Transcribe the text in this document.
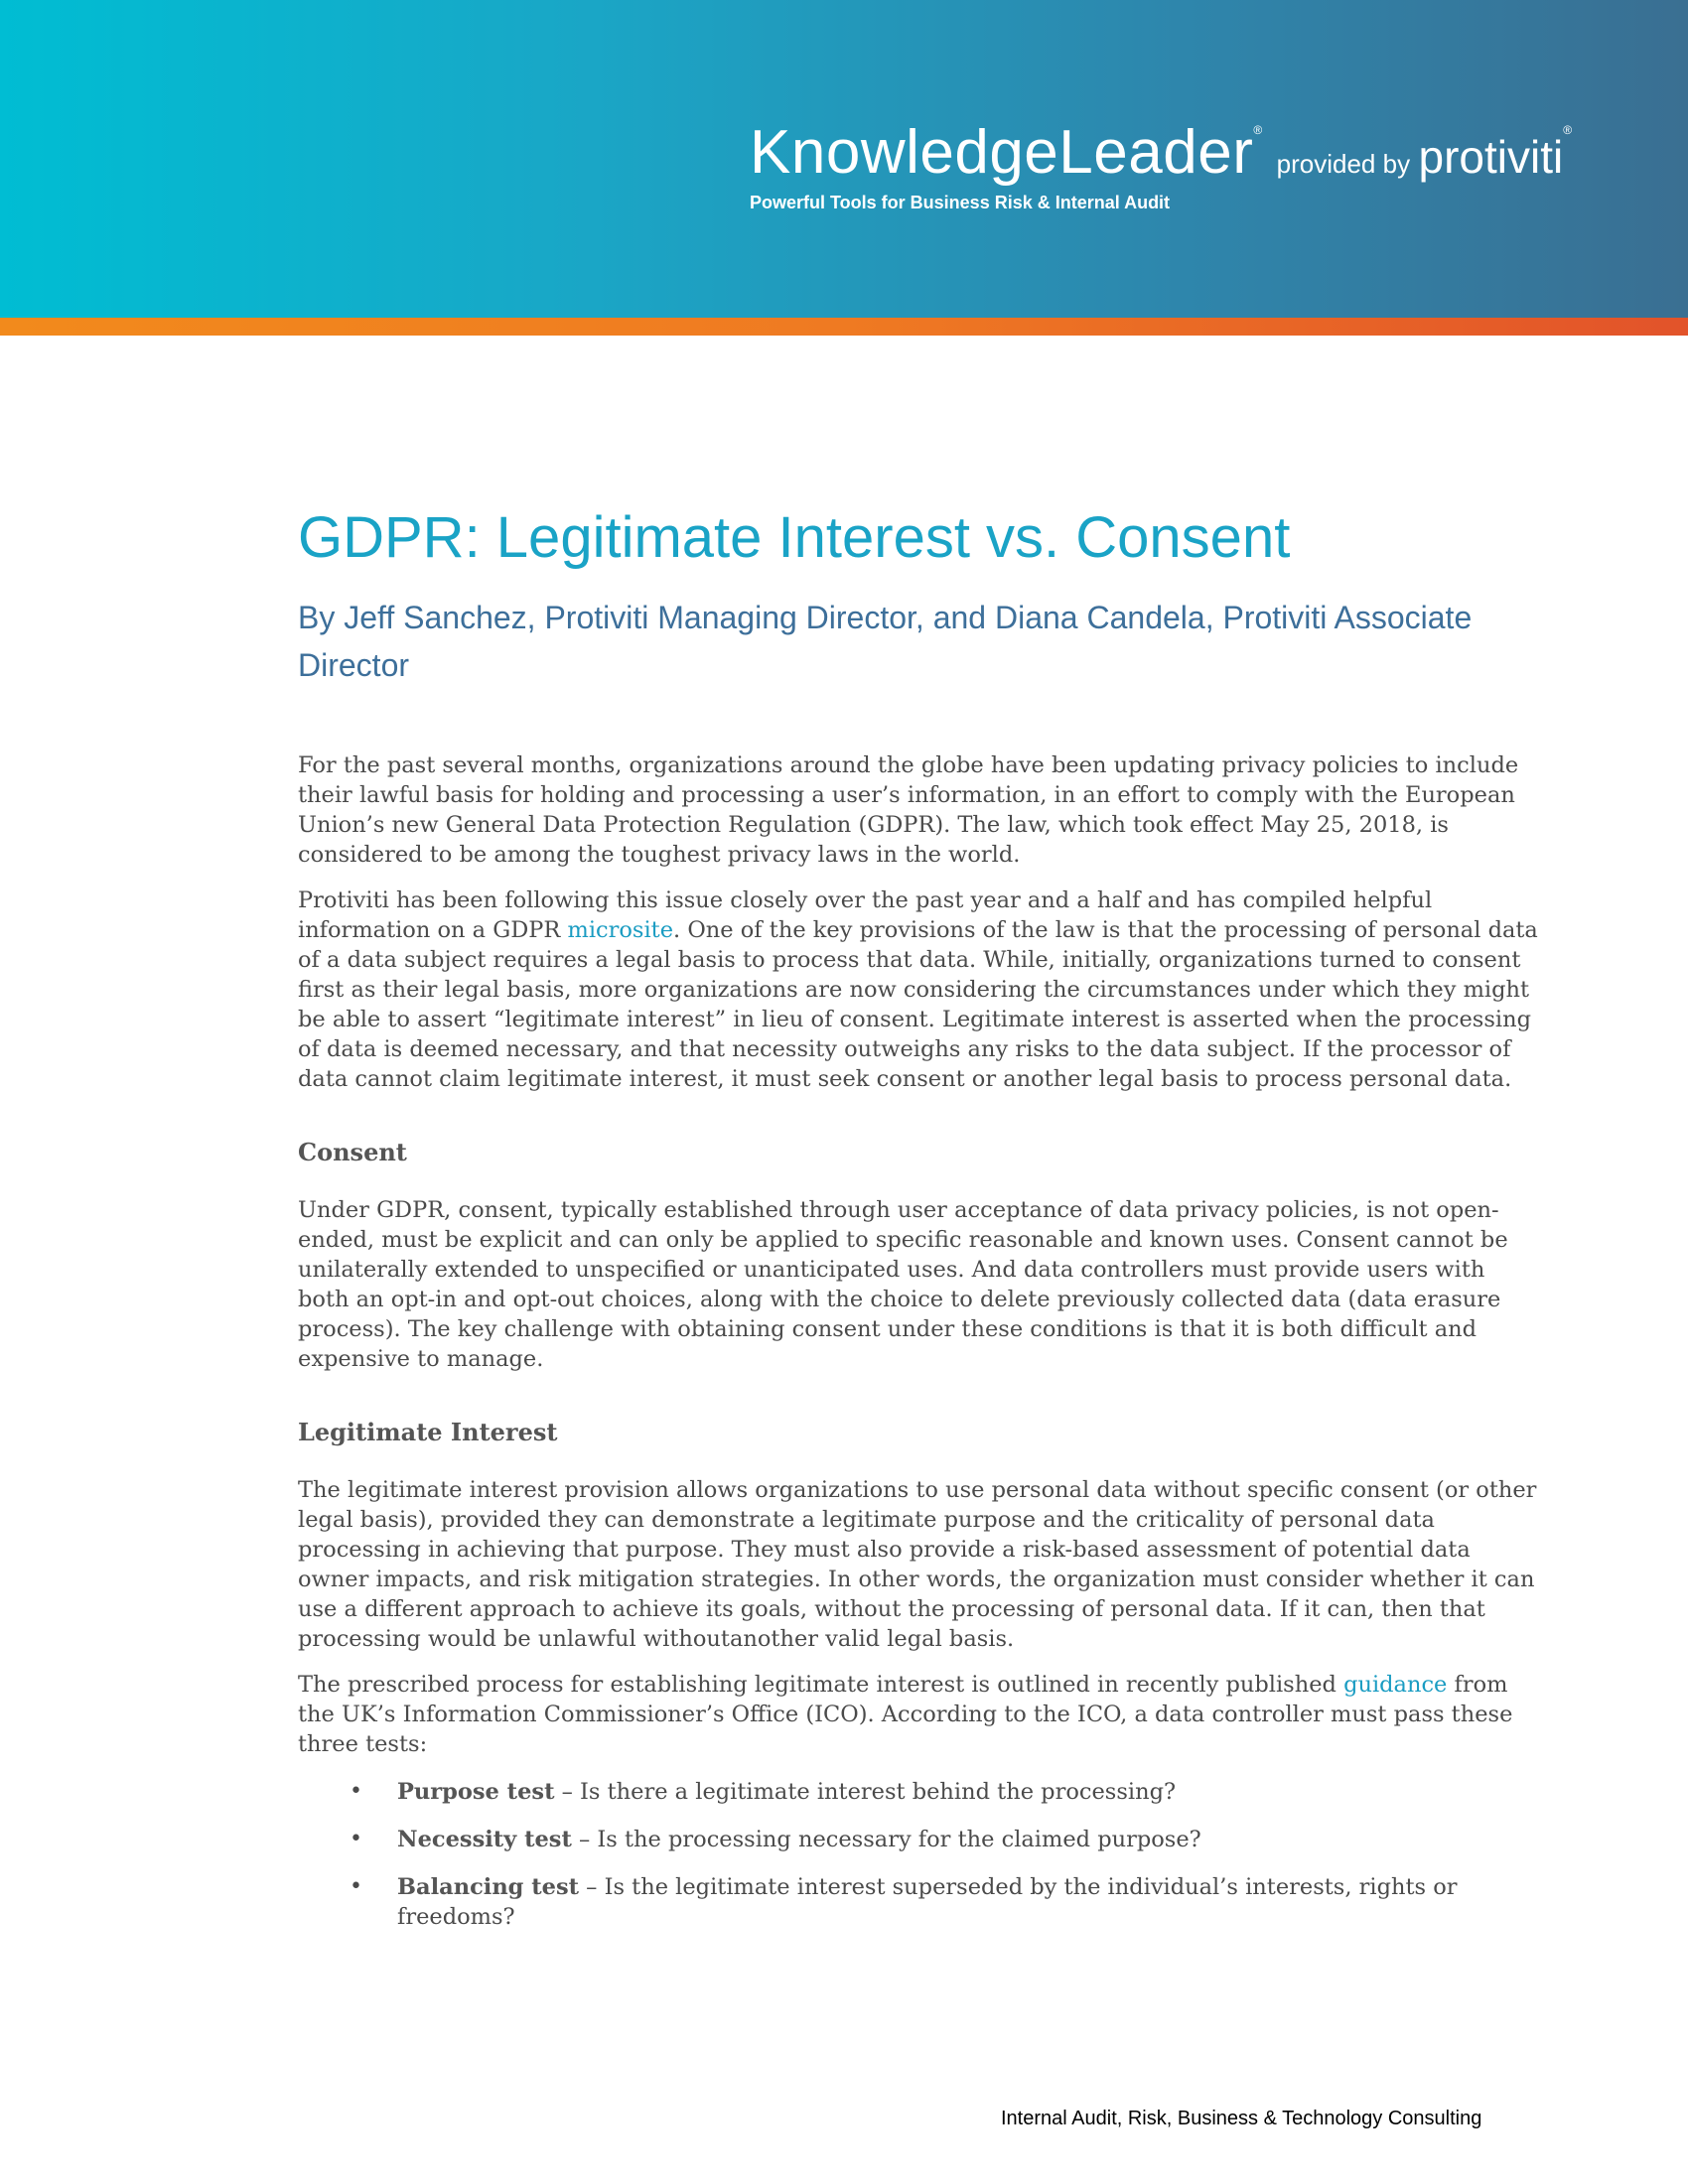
KnowledgeLeader® provided by protiviti®
Powerful Tools for Business Risk & Internal Audit
GDPR: Legitimate Interest vs. Consent
By Jeff Sanchez, Protiviti Managing Director, and Diana Candela, Protiviti Associate Director

For the past several months, organizations around the globe have been updating privacy policies to include their lawful basis for holding and processing a user’s information, in an effort to comply with the European Union’s new General Data Protection Regulation (GDPR). The law, which took effect May 25, 2018, is considered to be among the toughest privacy laws in the world.

Protiviti has been following this issue closely over the past year and a half and has compiled helpful information on a GDPR microsite. One of the key provisions of the law is that the processing of personal data of a data subject requires a legal basis to process that data. While, initially, organizations turned to consent first as their legal basis, more organizations are now considering the circumstances under which they might be able to assert “legitimate interest” in lieu of consent. Legitimate interest is asserted when the processing of data is deemed necessary, and that necessity outweighs any risks to the data subject. If the processor of data cannot claim legitimate interest, it must seek consent or another legal basis to process personal data.

Consent

Under GDPR, consent, typically established through user acceptance of data privacy policies, is not open-ended, must be explicit and can only be applied to specific reasonable and known uses. Consent cannot be unilaterally extended to unspecified or unanticipated uses. And data controllers must provide users with both an opt-in and opt-out choices, along with the choice to delete previously collected data (data erasure process). The key challenge with obtaining consent under these conditions is that it is both difficult and expensive to manage.

Legitimate Interest

The legitimate interest provision allows organizations to use personal data without specific consent (or other legal basis), provided they can demonstrate a legitimate purpose and the criticality of personal data processing in achieving that purpose. They must also provide a risk-based assessment of potential data owner impacts, and risk mitigation strategies. In other words, the organization must consider whether it can use a different approach to achieve its goals, without the processing of personal data. If it can, then that processing would be unlawful withoutanother valid legal basis.

The prescribed process for establishing legitimate interest is outlined in recently published guidance from the UK’s Information Commissioner’s Office (ICO). According to the ICO, a data controller must pass these three tests:

• Purpose test – Is there a legitimate interest behind the processing?
• Necessity test – Is the processing necessary for the claimed purpose?
• Balancing test – Is the legitimate interest superseded by the individual’s interests, rights or freedoms?
Internal Audit, Risk, Business & Technology Consulting
